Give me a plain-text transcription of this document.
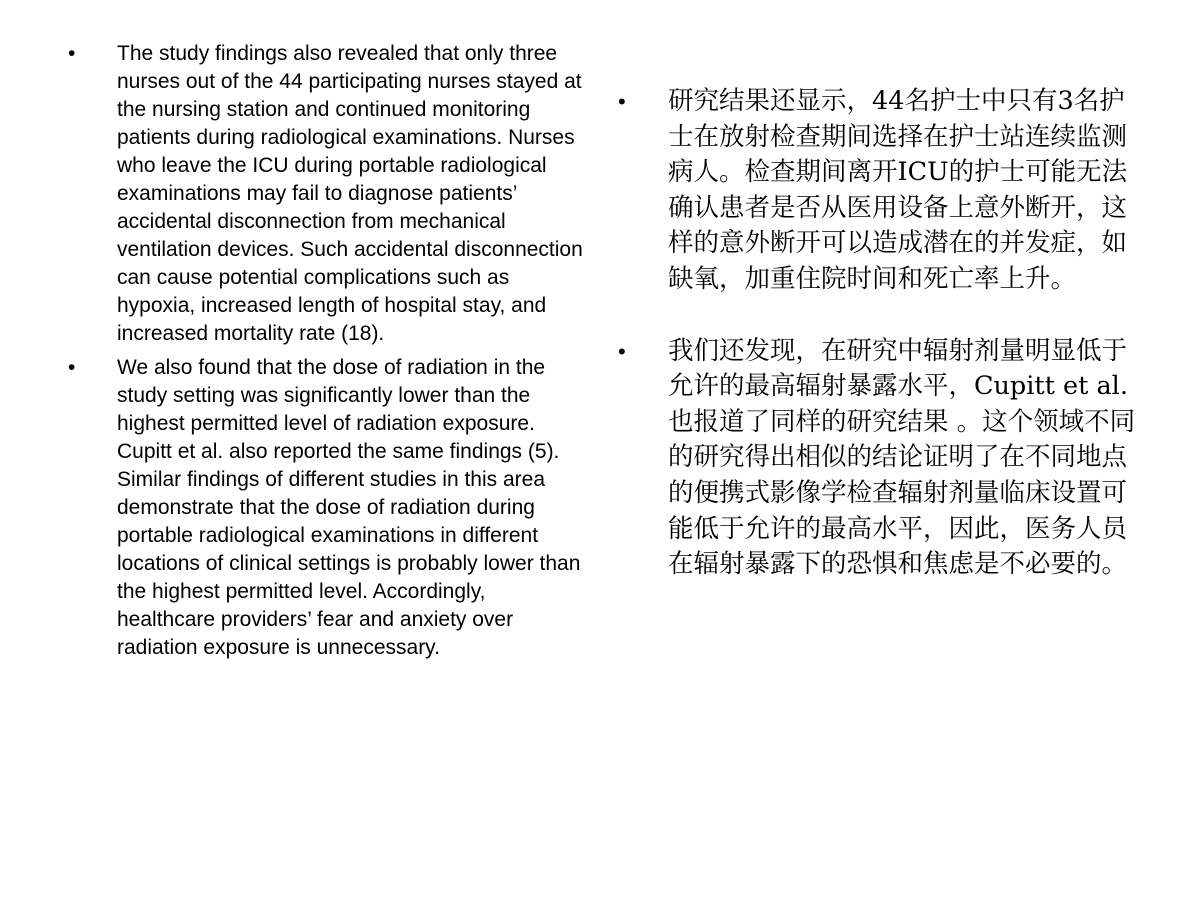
• The study findings also revealed that only three nurses out of the 44 participating nurses stayed at the nursing station and continued monitoring patients during radiological examinations. Nurses who leave the ICU during portable radiological examinations may fail to diagnose patients’ accidental disconnection from mechanical ventilation devices. Such accidental disconnection can cause potential complications such as hypoxia, increased length of hospital stay, and increased mortality rate (18).
• We also found that the dose of radiation in the study setting was significantly lower than the highest permitted level of radiation exposure. Cupitt et al. also reported the same findings (5). Similar findings of different studies in this area demonstrate that the dose of radiation during portable radiological examinations in different locations of clinical settings is probably lower than the highest permitted level. Accordingly, healthcare providers’ fear and anxiety over radiation exposure is unnecessary.
• 研究结果还显示，44名护士中只有3名护士在放射检查期间选择在护士站连续监测病人。检查期间离开ICU的护士可能无法确认患者是否从医用设备上意外断开，这样的意外断开可以造成潜在的并发症，如缺氧，加重住院时间和死亡率上升。
• 我们还发现，在研究中辐射剂量明显低于允许的最高辐射暴露水平，Cupitt et al. 也报道了同样的研究结果 。这个领域不同的研究得出相似的结论证明了在不同地点的便携式影像学检查辐射剂量临床设置可能低于允许的最高水平，因此，医务人员在辐射暴露下的恐惧和焦虑是不必要的。
